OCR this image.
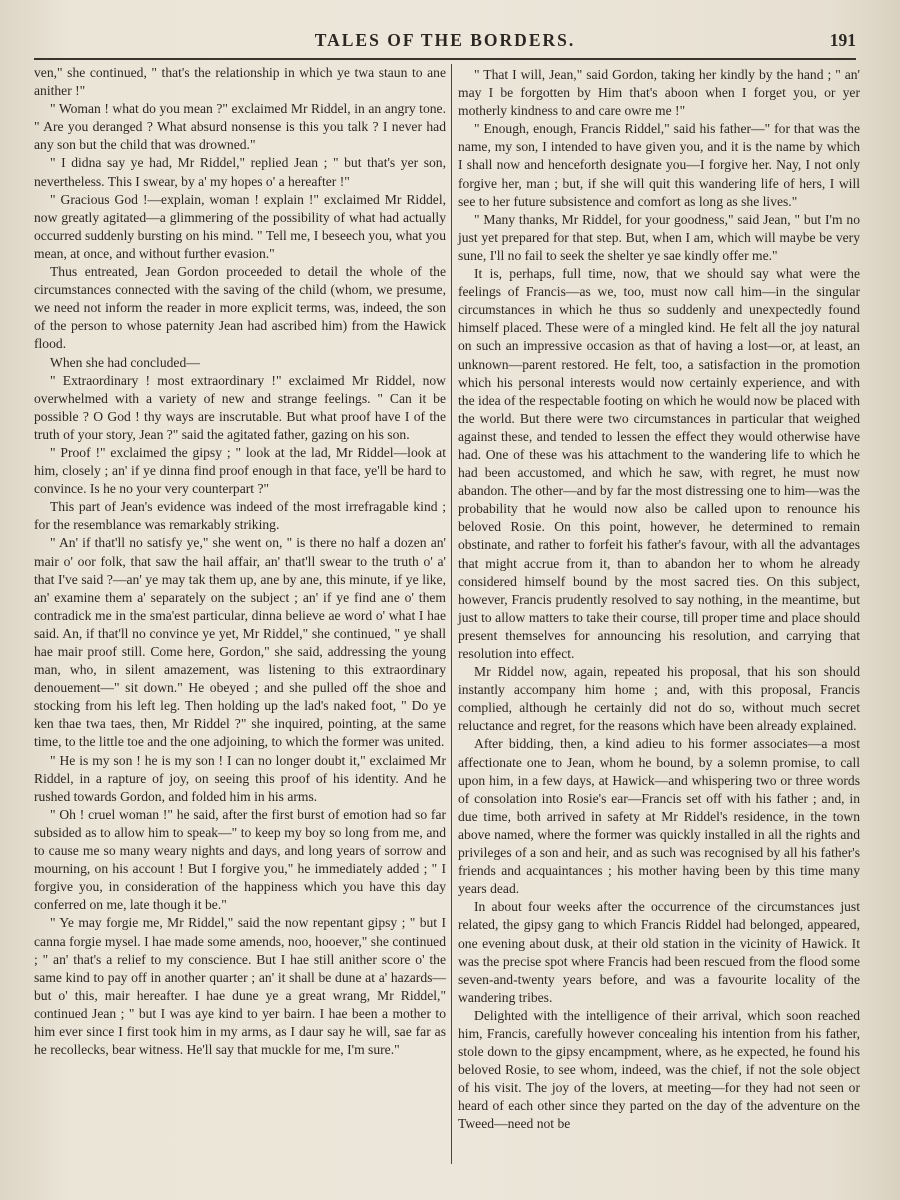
TALES OF THE BORDERS.	191

ven," she continued, " that's the relationship in which ye twa staun to ane anither !"

" Woman ! what do you mean ?" exclaimed Mr Riddel, in an angry tone. " Are you deranged ? What absurd nonsense is this you talk ? I never had any son but the child that was drowned."

" I didna say ye had, Mr Riddel," replied Jean ; " but that's yer son, nevertheless. This I swear, by a' my hopes o' a hereafter !"

" Gracious God !—explain, woman ! explain !" exclaimed Mr Riddel, now greatly agitated—a glimmering of the possibility of what had actually occurred suddenly bursting on his mind. " Tell me, I beseech you, what you mean, at once, and without further evasion."

Thus entreated, Jean Gordon proceeded to detail the whole of the circumstances connected with the saving of the child (whom, we presume, we need not inform the reader in more explicit terms, was, indeed, the son of the person to whose paternity Jean had ascribed him) from the Hawick flood.

When she had concluded—

" Extraordinary ! most extraordinary !" exclaimed Mr Riddel, now overwhelmed with a variety of new and strange feelings. " Can it be possible ? O God ! thy ways are inscrutable. But what proof have I of the truth of your story, Jean ?" said the agitated father, gazing on his son.

" Proof !" exclaimed the gipsy ; " look at the lad, Mr Riddel—look at him, closely ; an' if ye dinna find proof enough in that face, ye'll be hard to convince. Is he no your very counterpart ?"

This part of Jean's evidence was indeed of the most irrefragable kind ; for the resemblance was remarkably striking.

" An' if that'll no satisfy ye," she went on, " is there no half a dozen an' mair o' oor folk, that saw the hail affair, an' that'll swear to the truth o' a' that I've said ?—an' ye may tak them up, ane by ane, this minute, if ye like, an' examine them a' separately on the subject ; an' if ye find ane o' them contradick me in the sma'est particular, dinna believe ae word o' what I hae said. An, if that'll no convince ye yet, Mr Riddel," she continued, " ye shall hae mair proof still. Come here, Gordon," she said, addressing the young man, who, in silent amazement, was listening to this extraordinary denouement—" sit down." He obeyed ; and she pulled off the shoe and stocking from his left leg. Then holding up the lad's naked foot, " Do ye ken thae twa taes, then, Mr Riddel ?" she inquired, pointing, at the same time, to the little toe and the one adjoining, to which the former was united.

" He is my son ! he is my son ! I can no longer doubt it," exclaimed Mr Riddel, in a rapture of joy, on seeing this proof of his identity. And he rushed towards Gordon, and folded him in his arms.

" Oh ! cruel woman !" he said, after the first burst of emotion had so far subsided as to allow him to speak—" to keep my boy so long from me, and to cause me so many weary nights and days, and long years of sorrow and mourning, on his account ! But I forgive you," he immediately added ; " I forgive you, in consideration of the happiness which you have this day conferred on me, late though it be."

" Ye may forgie me, Mr Riddel," said the now repentant gipsy ; " but I canna forgie mysel. I hae made some amends, noo, hooever," she continued ; " an' that's a relief to my conscience. But I hae still anither score o' the same kind to pay off in another quarter ; an' it shall be dune at a' hazards—but o' this, mair hereafter. I hae dune ye a great wrang, Mr Riddel," continued Jean ; " but I was aye kind to yer bairn. I hae been a mother to him ever since I first took him in my arms, as I daur say he will, sae far as he recollecks, bear witness. He'll say that muckle for me, I'm sure."

" That I will, Jean," said Gordon, taking her kindly by the hand ; " an' may I be forgotten by Him that's aboon when I forget you, or yer motherly kindness to and care owre me !"

" Enough, enough, Francis Riddel," said his father—" for that was the name, my son, I intended to have given you, and it is the name by which I shall now and henceforth designate you—I forgive her. Nay, I not only forgive her, man ; but, if she will quit this wandering life of hers, I will see to her future subsistence and comfort as long as she lives."

" Many thanks, Mr Riddel, for your goodness," said Jean, " but I'm no just yet prepared for that step. But, when I am, which will maybe be very sune, I'll no fail to seek the shelter ye sae kindly offer me."

It is, perhaps, full time, now, that we should say what were the feelings of Francis—as we, too, must now call him—in the singular circumstances in which he thus so suddenly and unexpectedly found himself placed. These were of a mingled kind. He felt all the joy natural on such an impressive occasion as that of having a lost—or, at least, an unknown—parent restored. He felt, too, a satisfaction in the promotion which his personal interests would now certainly experience, and with the idea of the respectable footing on which he would now be placed with the world. But there were two circumstances in particular that weighed against these, and tended to lessen the effect they would otherwise have had. One of these was his attachment to the wandering life to which he had been accustomed, and which he saw, with regret, he must now abandon. The other—and by far the most distressing one to him—was the probability that he would now also be called upon to renounce his beloved Rosie. On this point, however, he determined to remain obstinate, and rather to forfeit his father's favour, with all the advantages that might accrue from it, than to abandon her to whom he already considered himself bound by the most sacred ties. On this subject, however, Francis prudently resolved to say nothing, in the meantime, but just to allow matters to take their course, till proper time and place should present themselves for announcing his resolution, and carrying that resolution into effect.

Mr Riddel now, again, repeated his proposal, that his son should instantly accompany him home ; and, with this proposal, Francis complied, although he certainly did not do so, without much secret reluctance and regret, for the reasons which have been already explained.

After bidding, then, a kind adieu to his former associates—a most affectionate one to Jean, whom he bound, by a solemn promise, to call upon him, in a few days, at Hawick—and whispering two or three words of consolation into Rosie's ear—Francis set off with his father ; and, in due time, both arrived in safety at Mr Riddel's residence, in the town above named, where the former was quickly installed in all the rights and privileges of a son and heir, and as such was recognised by all his father's friends and acquaintances ; his mother having been by this time many years dead.

In about four weeks after the occurrence of the circumstances just related, the gipsy gang to which Francis Riddel had belonged, appeared, one evening about dusk, at their old station in the vicinity of Hawick. It was the precise spot where Francis had been rescued from the flood some seven-and-twenty years before, and was a favourite locality of the wandering tribes.

Delighted with the intelligence of their arrival, which soon reached him, Francis, carefully however concealing his intention from his father, stole down to the gipsy encampment, where, as he expected, he found his beloved Rosie, to see whom, indeed, was the chief, if not the sole object of his visit. The joy of the lovers, at meeting—for they had not seen or heard of each other since they parted on the day of the adventure on the Tweed—need not be
